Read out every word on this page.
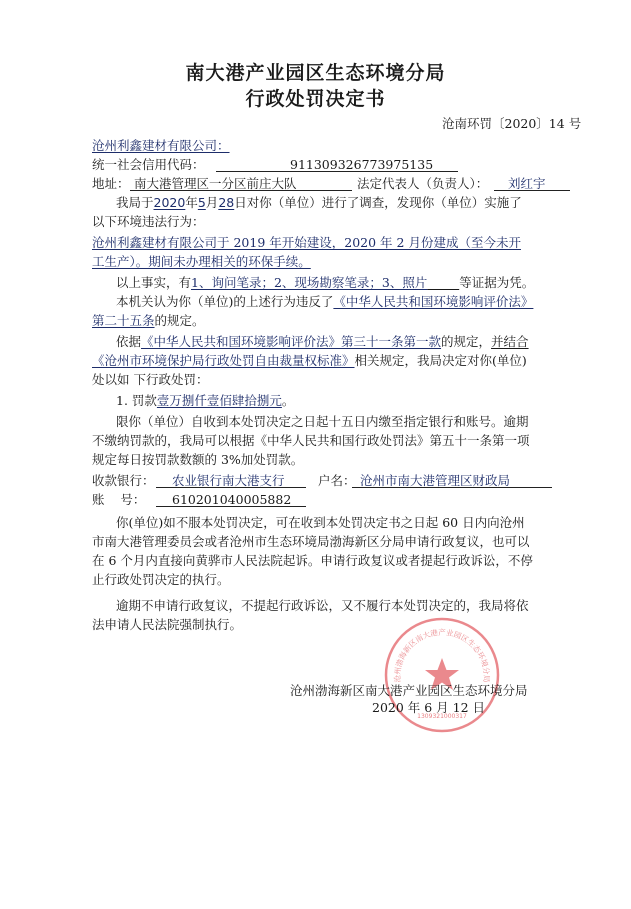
南大港产业园区生态环境分局
行政处罚决定书
沧南环罚〔2020〕14 号
沧州利鑫建材有限公司：
统一社会信用代码：	911309326773975135
地址： 南大港管理区一分区前庄大队	法定代表人（负责人）： 刘红宇
我局于2020年5月28日对你（单位）进行了调查，发现你（单位）实施了
以下环境违法行为：
沧州利鑫建材有限公司于 2019 年开始建设，2020 年 2 月份建成（至今未开
工生产）。期间未办理相关的环保手续。
以上事实，有1、询问笔录；2、现场勘察笔录；3、照片	等证据为凭。
本机关认为你（单位)的上述行为违反了《中华人民共和国环境影响评价法》
第二十五条的规定。
依据《中华人民共和国环境影响评价法》第三十一条第一款的规定，并结合
《沧州市环境保护局行政处罚自由裁量权标准》相关规定，我局决定对你(单位)
处以如 下行政处罚：
1. 罚款壹万捌仟壹佰肆拾捌元。
限你（单位）自收到本处罚决定之日起十五日内缴至指定银行和账号。逾期
不缴纳罚款的，我局可以根据《中华人民共和国行政处罚法》第五十一条第一项
规定每日按罚款数额的 3%加处罚款。
收款银行： 农业银行南大港支行	户名： 沧州市南大港管理区财政局
账    号： 610201040005882
你(单位)如不服本处罚决定，可在收到本处罚决定书之日起 60 日内向沧州
市南大港管理委员会或者沧州市生态环境局渤海新区分局申请行政复议，也可以
在 6 个月内直接向黄骅市人民法院起诉。申请行政复议或者提起行政诉讼，不停
止行政处罚决定的执行。
逾期不申请行政复议，不提起行政诉讼，又不履行本处罚决定的，我局将依
法申请人民法院强制执行。
沧州渤海新区南大港产业园区生态环境分局
1309321000317
沧州渤海新区南大港产业园区生态环境分局
2020 年 6 月 12 日
